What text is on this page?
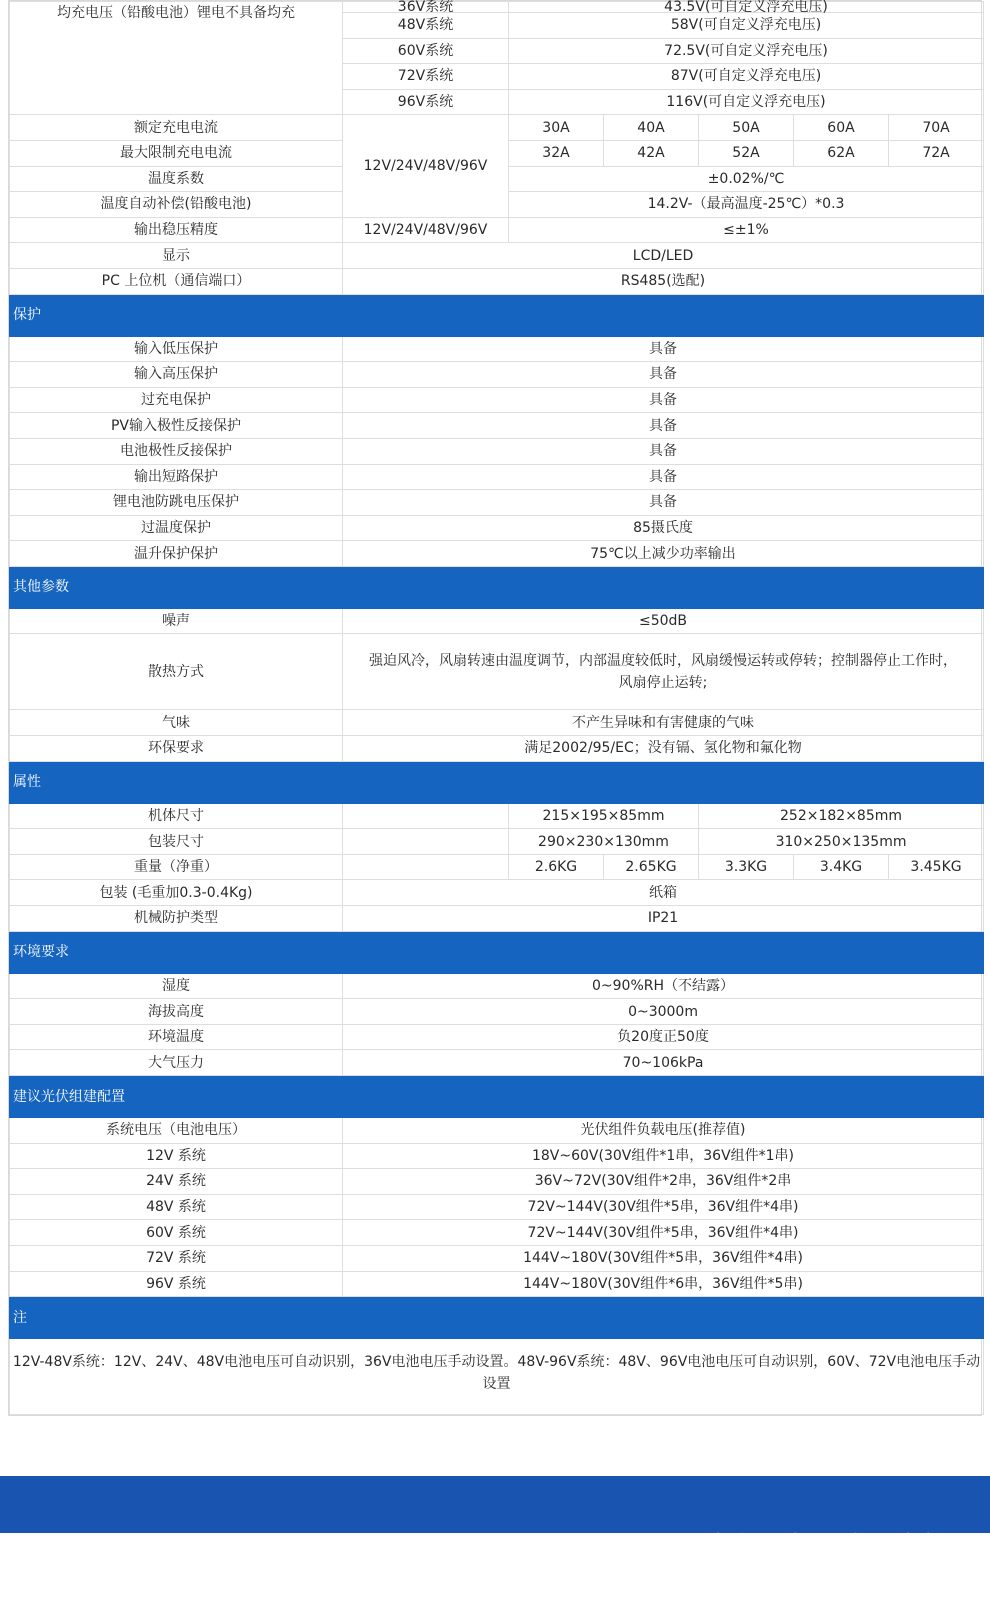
均充电压（铅酸电池）锂电不具备均充	36V系统	43.5V(可自定义浮充电压)				
	48V系统	58V(可自定义浮充电压)				
	60V系统	72.5V(可自定义浮充电压)				
	72V系统	87V(可自定义浮充电压)				
	96V系统	116V(可自定义浮充电压)				
额定充电电流	12V/24V/48V/96V	30A	40A	50A	60A	70A
最大限制充电电流		32A	42A	52A	62A	72A
温度系数		±0.02%/℃				
温度自动补偿(铅酸电池)		14.2V-（最高温度-25℃）*0.3				
输出稳压精度	12V/24V/48V/96V	≤±1%				
显示	LCD/LED					
PC 上位机（通信端口）	RS485(选配)					
保护						
输入低压保护	具备					
输入高压保护	具备					
过充电保护	具备					
PV输入极性反接保护	具备					
电池极性反接保护	具备					
输出短路保护	具备					
锂电池防跳电压保护	具备					
过温度保护	85摄氏度					
温升保护保护	75℃以上减少功率输出					
其他参数						
噪声	≤50dB					
散热方式	强迫风冷，风扇转速由温度调节，内部温度较低时，风扇缓慢运转或停转；控制器停止工作时，风扇停止运转;					
气味	不产生异味和有害健康的气味					
环保要求	满足2002/95/EC；没有镉、氢化物和氟化物					
属性						
机体尺寸		215×195×85mm		252×182×85mm		
包装尺寸		290×230×130mm		310×250×135mm		
重量（净重）		2.6KG	2.65KG	3.3KG	3.4KG	3.45KG
包装 (毛重加0.3-0.4Kg)	纸箱					
机械防护类型	IP21					
环境要求						
湿度	0~90%RH（不结露）					
海拔高度	0~3000m					
环境温度	负20度正50度					
大气压力	70~106kPa					
建议光伏组建配置						
系统电压（电池电压）	光伏组件负载电压(推荐值)					
12V 系统	18V~60V(30V组件*1串，36V组件*1串)					
24V 系统	36V~72V(30V组件*2串，36V组件*2串					
48V 系统	72V~144V(30V组件*5串，36V组件*4串)					
60V 系统	72V~144V(30V组件*5串，36V组件*4串)					
72V 系统	144V~180V(30V组件*5串，36V组件*4串)					
96V 系统	144V~180V(30V组件*6串，36V组件*5串)					
注						
12V-48V系统：12V、24V、48V电池电压可自动识别，36V电池电压手动设置。48V-96V系统：48V、96V电池电压可自动识别，60V、72V电池电压手动设置						
24-50A/40~100A 技术参数
